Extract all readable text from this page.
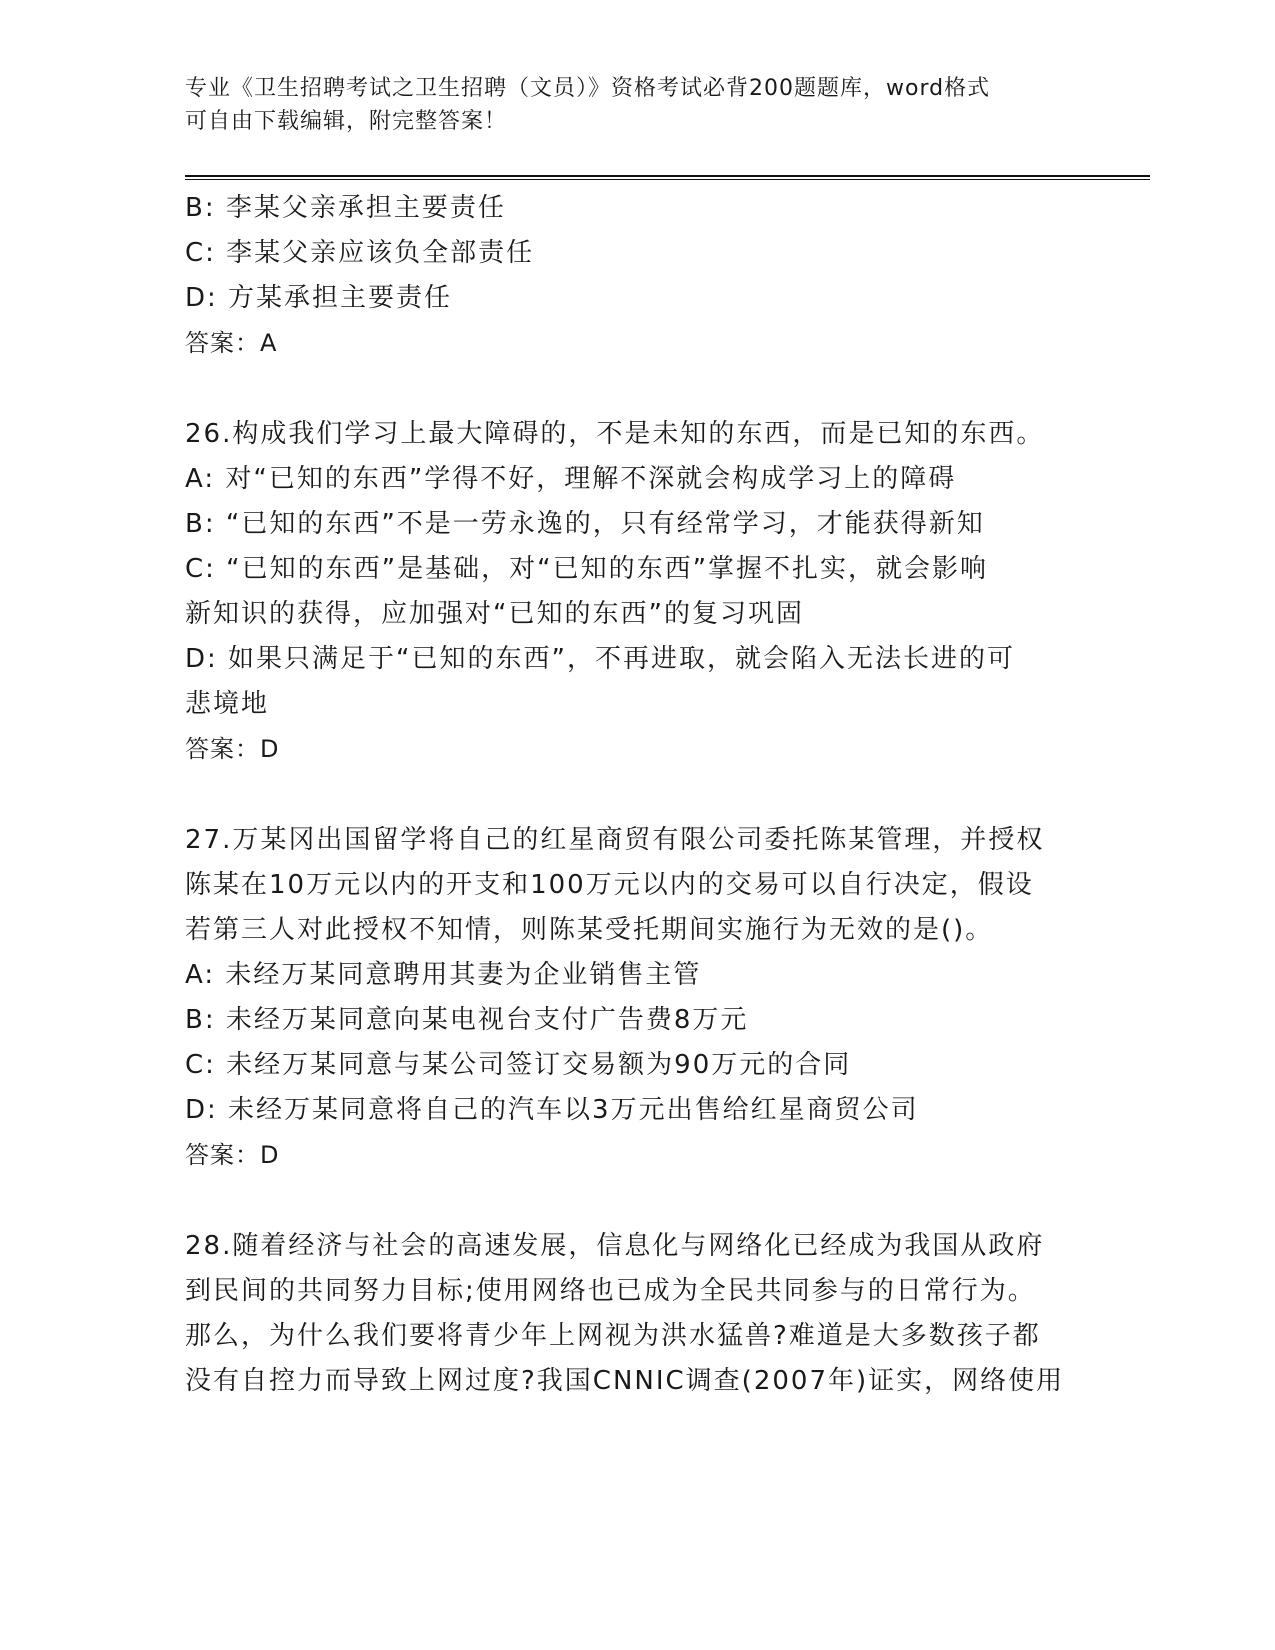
专业《卫生招聘考试之卫生招聘（文员）》资格考试必背200题题库，word格式

可自由下载编辑，附完整答案！

B: 李某父亲承担主要责任

C: 李某父亲应该负全部责任

D: 方某承担主要责任

答案：A

26.构成我们学习上最大障碍的，不是未知的东西，而是已知的东西。

A: 对“已知的东西”学得不好，理解不深就会构成学习上的障碍

B: “已知的东西”不是一劳永逸的，只有经常学习，才能获得新知

C: “已知的东西”是基础，对“已知的东西”掌握不扎实，就会影响

新知识的获得，应加强对“已知的东西”的复习巩固

D: 如果只满足于“已知的东西”，不再进取，就会陷入无法长进的可

悲境地

答案：D

27.万某冈出国留学将自己的红星商贸有限公司委托陈某管理，并授权

陈某在10万元以内的开支和100万元以内的交易可以自行决定，假设

若第三人对此授权不知情，则陈某受托期间实施行为无效的是()。

A: 未经万某同意聘用其妻为企业销售主管

B: 未经万某同意向某电视台支付广告费8万元

C: 未经万某同意与某公司签订交易额为90万元的合同

D: 未经万某同意将自己的汽车以3万元出售给红星商贸公司

答案：D

28.随着经济与社会的高速发展，信息化与网络化已经成为我国从政府

到民间的共同努力目标;使用网络也已成为全民共同参与的日常行为。

那么，为什么我们要将青少年上网视为洪水猛兽?难道是大多数孩子都

没有自控力而导致上网过度?我国CNNIC调查(2007年)证实，网络使用
